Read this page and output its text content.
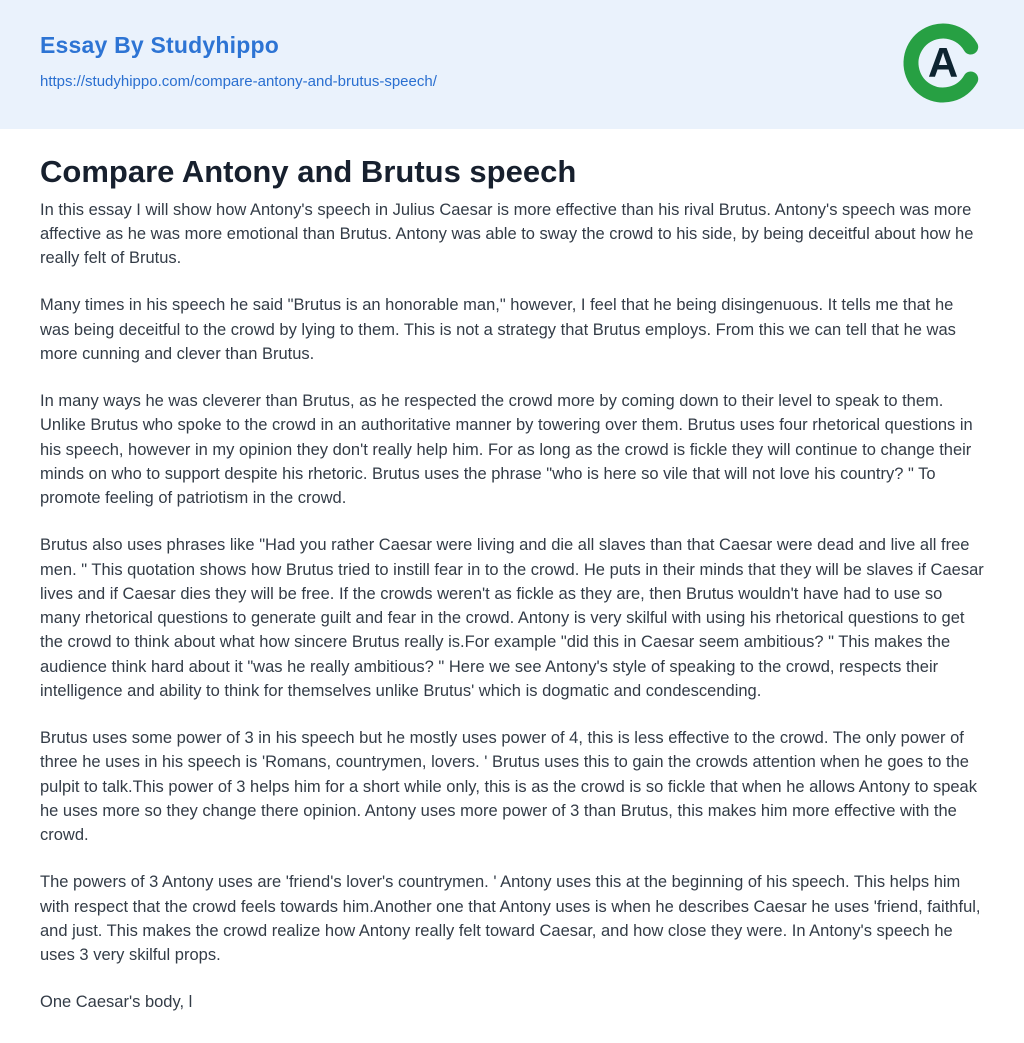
Essay By Studyhippo
https://studyhippo.com/compare-antony-and-brutus-speech/	A
Compare Antony and Brutus speech

In this essay I will show how Antony's speech in Julius Caesar is more effective than his rival Brutus. Antony's speech was more affective as he was more emotional than Brutus. Antony was able to sway the crowd to his side, by being deceitful about how he really felt of Brutus.

Many times in his speech he said "Brutus is an honorable man," however, I feel that he being disingenuous. It tells me that he was being deceitful to the crowd by lying to them. This is not a strategy that Brutus employs. From this we can tell that he was more cunning and clever than Brutus.

In many ways he was cleverer than Brutus, as he respected the crowd more by coming down to their level to speak to them. Unlike Brutus who spoke to the crowd in an authoritative manner by towering over them. Brutus uses four rhetorical questions in his speech, however in my opinion they don't really help him. For as long as the crowd is fickle they will continue to change their minds on who to support despite his rhetoric. Brutus uses the phrase "who is here so vile that will not love his country? " To promote feeling of patriotism in the crowd.

Brutus also uses phrases like "Had you rather Caesar were living and die all slaves than that Caesar were dead and live all free men. " This quotation shows how Brutus tried to instill fear in to the crowd. He puts in their minds that they will be slaves if Caesar lives and if Caesar dies they will be free. If the crowds weren't as fickle as they are, then Brutus wouldn't have had to use so many rhetorical questions to generate guilt and fear in the crowd. Antony is very skilful with using his rhetorical questions to get the crowd to think about what how sincere Brutus really is.For example "did this in Caesar seem ambitious? " This makes the audience think hard about it "was he really ambitious? " Here we see Antony's style of speaking to the crowd, respects their intelligence and ability to think for themselves unlike Brutus' which is dogmatic and condescending.

Brutus uses some power of 3 in his speech but he mostly uses power of 4, this is less effective to the crowd. The only power of three he uses in his speech is 'Romans, countrymen, lovers. ' Brutus uses this to gain the crowds attention when he goes to the pulpit to talk.This power of 3 helps him for a short while only, this is as the crowd is so fickle that when he allows Antony to speak he uses more so they change there opinion. Antony uses more power of 3 than Brutus, this makes him more effective with the crowd.

The powers of 3 Antony uses are 'friend's lover's countrymen. ' Antony uses this at the beginning of his speech. This helps him with respect that the crowd feels towards him.Another one that Antony uses is when he describes Caesar he uses 'friend, faithful, and just. This makes the crowd realize how Antony really felt toward Caesar, and how close they were. In Antony's speech he uses 3 very skilful props.

One Caesar's body, l
